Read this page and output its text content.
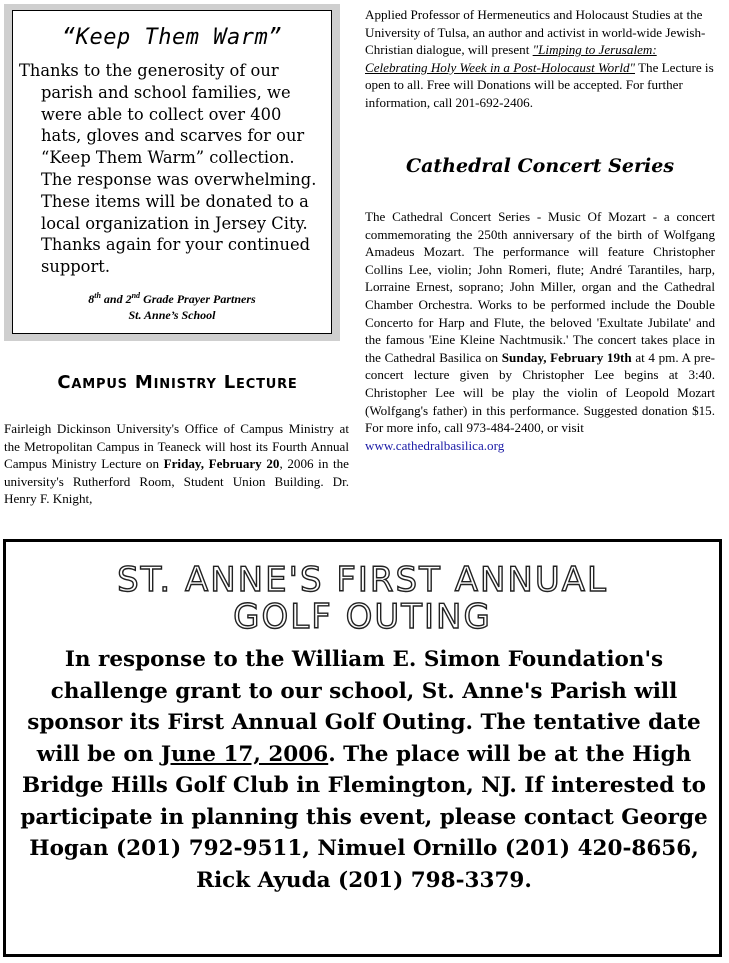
“Keep Them Warm”

Thanks to the generosity of our parish and school families, we were able to collect over 400 hats, gloves and scarves for our “Keep Them Warm” collection. The response was overwhelming. These items will be donated to a local organization in Jersey City. Thanks again for your continued support.

8th and 2nd Grade Prayer Partners
St. Anne’s School
Campus Ministry Lecture
Fairleigh Dickinson University's Office of Campus Ministry at the Metropolitan Campus in Teaneck will host its Fourth Annual Campus Ministry Lecture on Friday, February 20, 2006 in the university's Rutherford Room, Student Union Building. Dr. Henry F. Knight,
Applied Professor of Hermeneutics and Holocaust Studies at the University of Tulsa, an author and activist in world-wide Jewish-Christian dialogue, will present "Limping to Jerusalem: Celebrating Holy Week in a Post-Holocaust World" The Lecture is open to all. Free will Donations will be accepted. For further information, call 201-692-2406.
Cathedral Concert Series
The Cathedral Concert Series - Music Of Mozart - a concert commemorating the 250th anniversary of the birth of Wolfgang Amadeus Mozart. The performance will feature Christopher Collins Lee, violin; John Romeri, flute; André Tarantiles, harp, Lorraine Ernest, soprano; John Miller, organ and the Cathedral Chamber Orchestra. Works to be performed include the Double Concerto for Harp and Flute, the beloved 'Exultate Jubilate' and the famous 'Eine Kleine Nachtmusik.' The concert takes place in the Cathedral Basilica on Sunday, February 19th at 4 pm. A pre-concert lecture given by Christopher Lee begins at 3:40. Christopher Lee will be play the violin of Leopold Mozart (Wolfgang's father) in this performance. Suggested donation $15. For more info, call 973-484-2400, or visit
www.cathedralbasilica.org
ST. ANNE'S FIRST ANNUAL
GOLF OUTING
In response to the William E. Simon Foundation's challenge grant to our school, St. Anne's Parish will sponsor its First Annual Golf Outing. The tentative date will be on June 17, 2006. The place will be at the High Bridge Hills Golf Club in Flemington, NJ. If interested to participate in planning this event, please contact George Hogan (201) 792-9511, Nimuel Ornillo (201) 420-8656, Rick Ayuda (201) 798-3379.
